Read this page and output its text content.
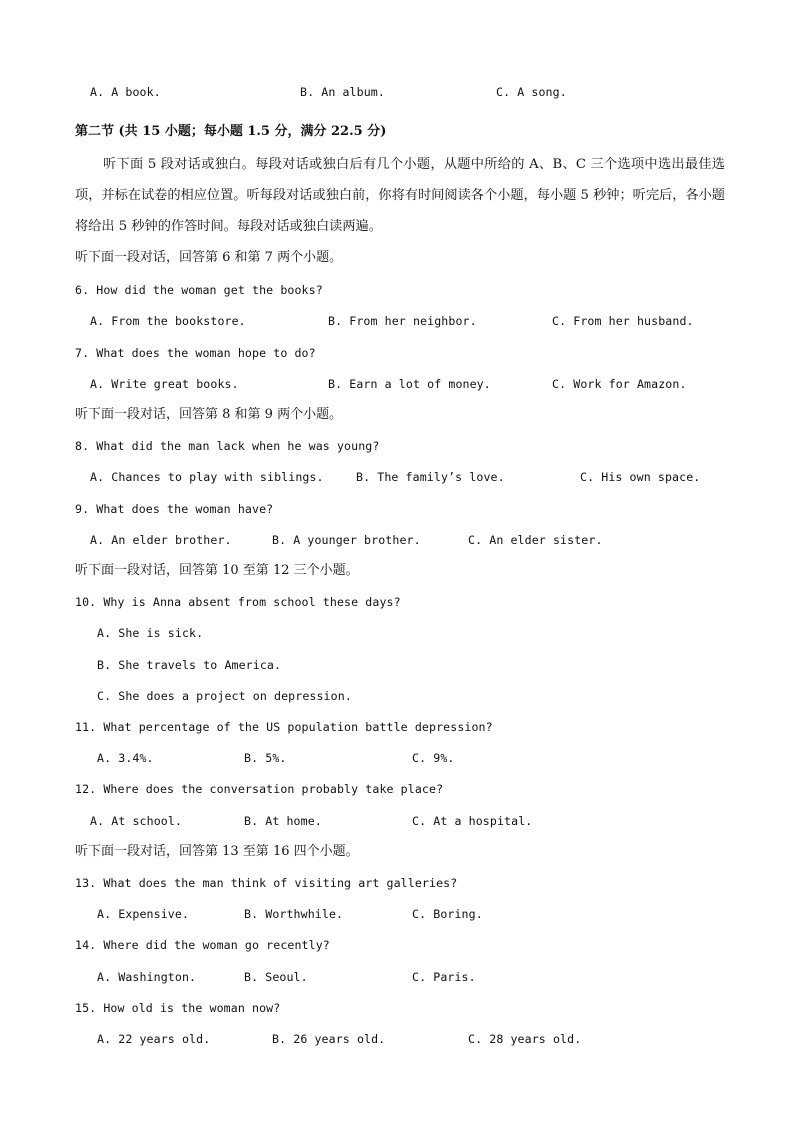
A. A book.	B. An album.	C. A song.
第二节 (共 15 小题；每小题 1.5 分，满分 22.5 分)
听下面 5 段对话或独白。每段对话或独白后有几个小题，从题中所给的 A、B、C 三个选项中选出最佳选项，并标在试卷的相应位置。听每段对话或独白前，你将有时间阅读各个小题，每小题 5 秒钟；听完后，各小题将给出 5 秒钟的作答时间。每段对话或独白读两遍。
听下面一段对话，回答第 6 和第 7 两个小题。
6. How did the woman get the books?
A. From the bookstore.	B. From her neighbor.	C. From her husband.
7. What does the woman hope to do?
A. Write great books.	B. Earn a lot of money.	C. Work for Amazon.
听下面一段对话，回答第 8 和第 9 两个小题。
8. What did the man lack when he was young?
A. Chances to play with siblings.	B. The family’s love.	C. His own space.
9. What does the woman have?
A. An elder brother.	B. A younger brother.	C. An elder sister.
听下面一段对话，回答第 10 至第 12 三个小题。
10. Why is Anna absent from school these days?
A. She is sick.
B. She travels to America.
C. She does a project on depression.
11. What percentage of the US population battle depression?
A. 3.4%.	B. 5%.	C. 9%.
12. Where does the conversation probably take place?
A. At school.	B. At home.	C. At a hospital.
听下面一段对话，回答第 13 至第 16 四个小题。
13. What does the man think of visiting art galleries?
A. Expensive.	B. Worthwhile.	C. Boring.
14. Where did the woman go recently?
A. Washington.	B. Seoul.	C. Paris.
15. How old is the woman now?
A. 22 years old.	B. 26 years old.	C. 28 years old.
